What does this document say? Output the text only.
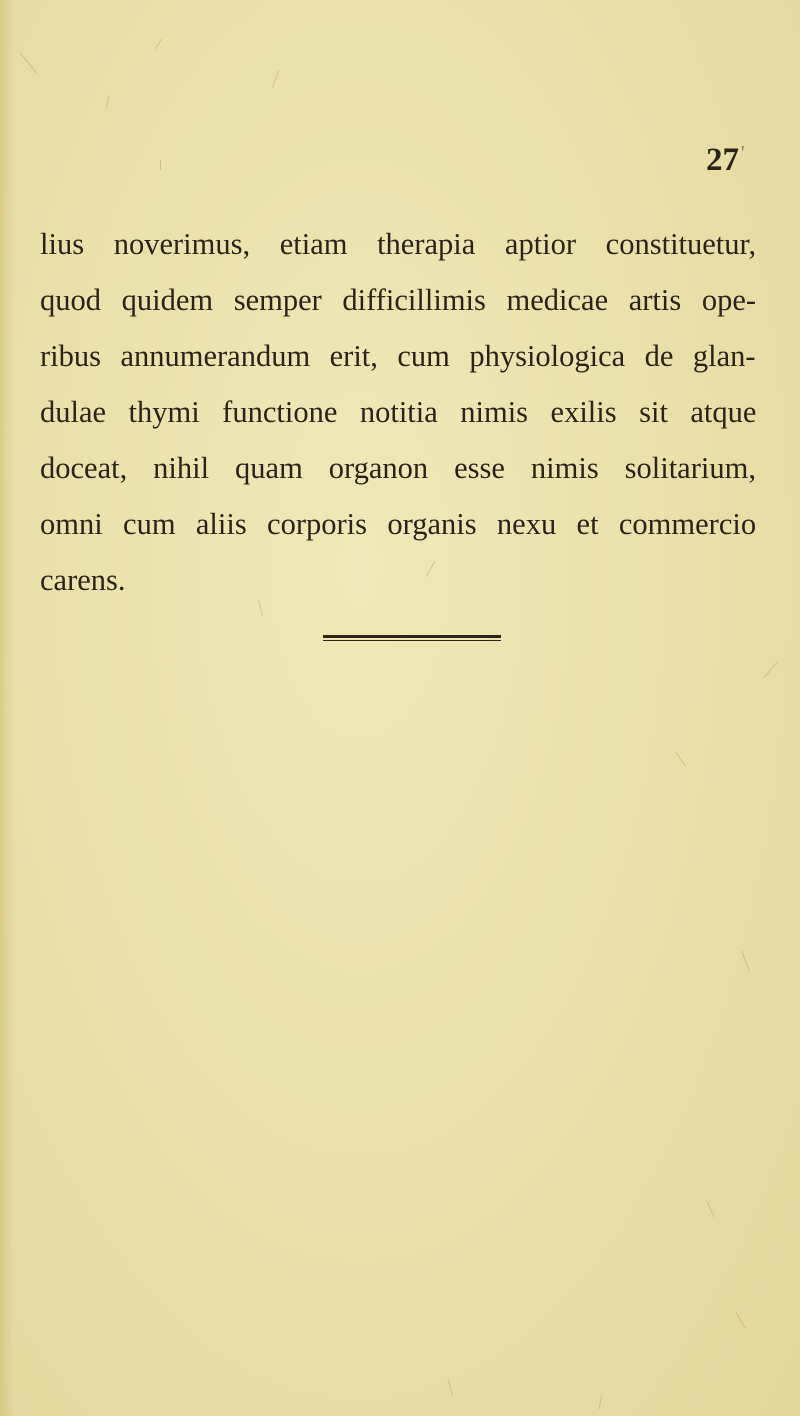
27 '
lius noverimus, etiam therapia aptior constituetur,
quod quidem semper difficillimis medicae artis ope-
ribus annumerandum erit, cum physiologica de glan-
dulae thymi functione notitia nimis exilis sit atque
doceat, nihil quam organon esse nimis solitarium,
omni cum aliis corporis organis nexu et commercio
carens.
